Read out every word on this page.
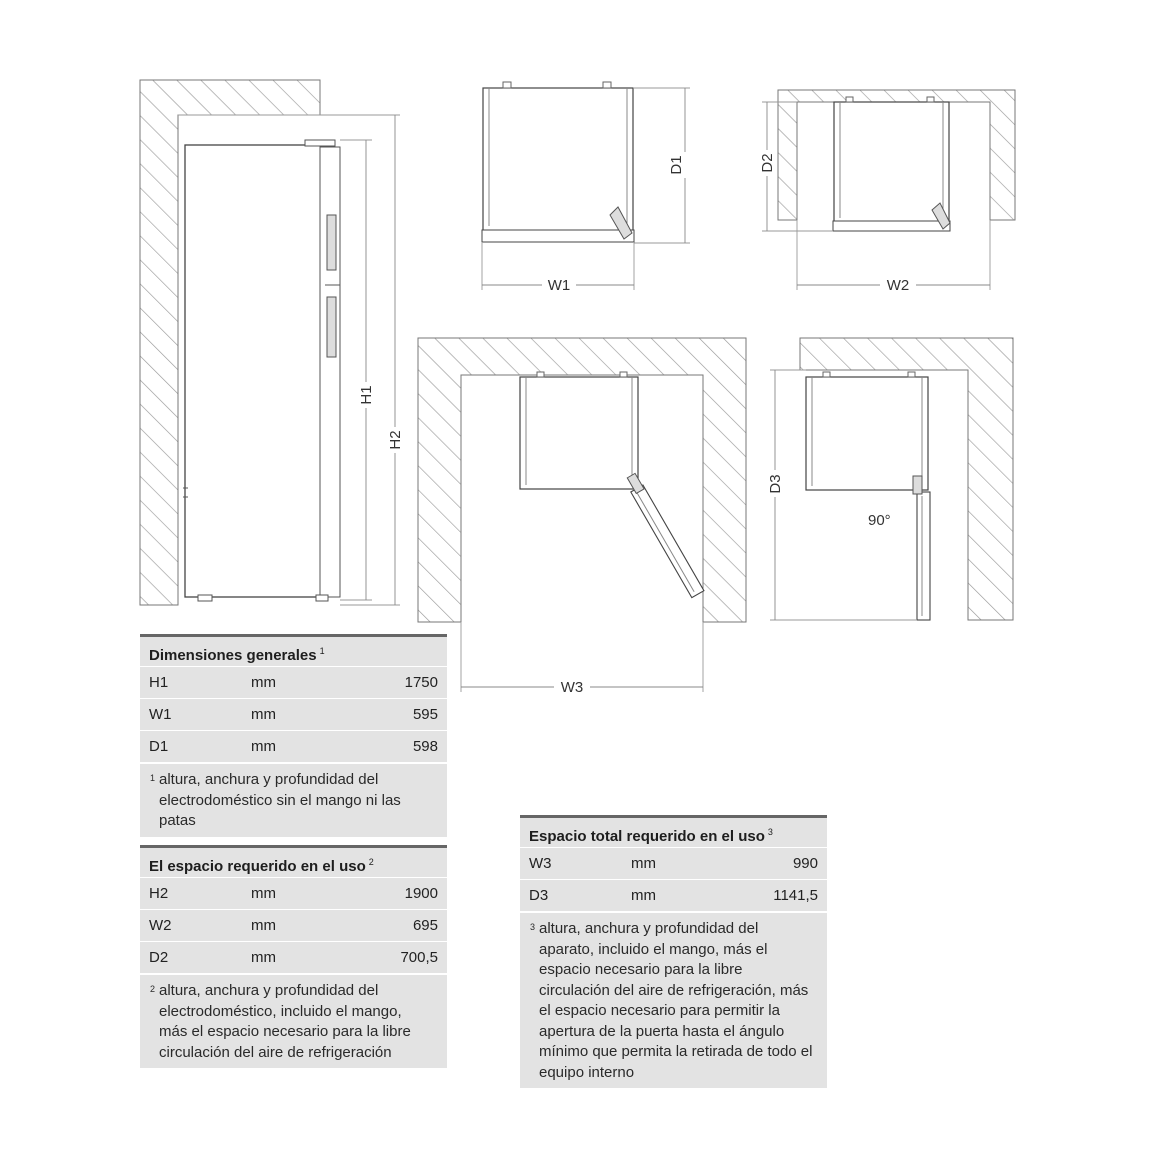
H1
H2
D1
W1
D2
W2
W3
90°
D3
Dimensiones generales $^1$
H1	mm	1750
W1	mm	595
D1	mm	598
1 altura, anchura y profundidad del electrodoméstico sin el mango ni las patas
El espacio requerido en el uso $^2$
H2	mm	1900
W2	mm	695
D2	mm	700,5
2 altura, anchura y profundidad del electrodoméstico, incluido el mango, más el espacio necesario para la libre circulación del aire de refrigeración
Espacio total requerido en el uso $^3$
W3	mm	990
D3	mm	1141,5
3 altura, anchura y profundidad del aparato, incluido el mango, más el espacio necesario para la libre circulación del aire de refrigeración, más el espacio necesario para permitir la apertura de la puerta hasta el ángulo mínimo que permita la retirada de todo el equipo interno
